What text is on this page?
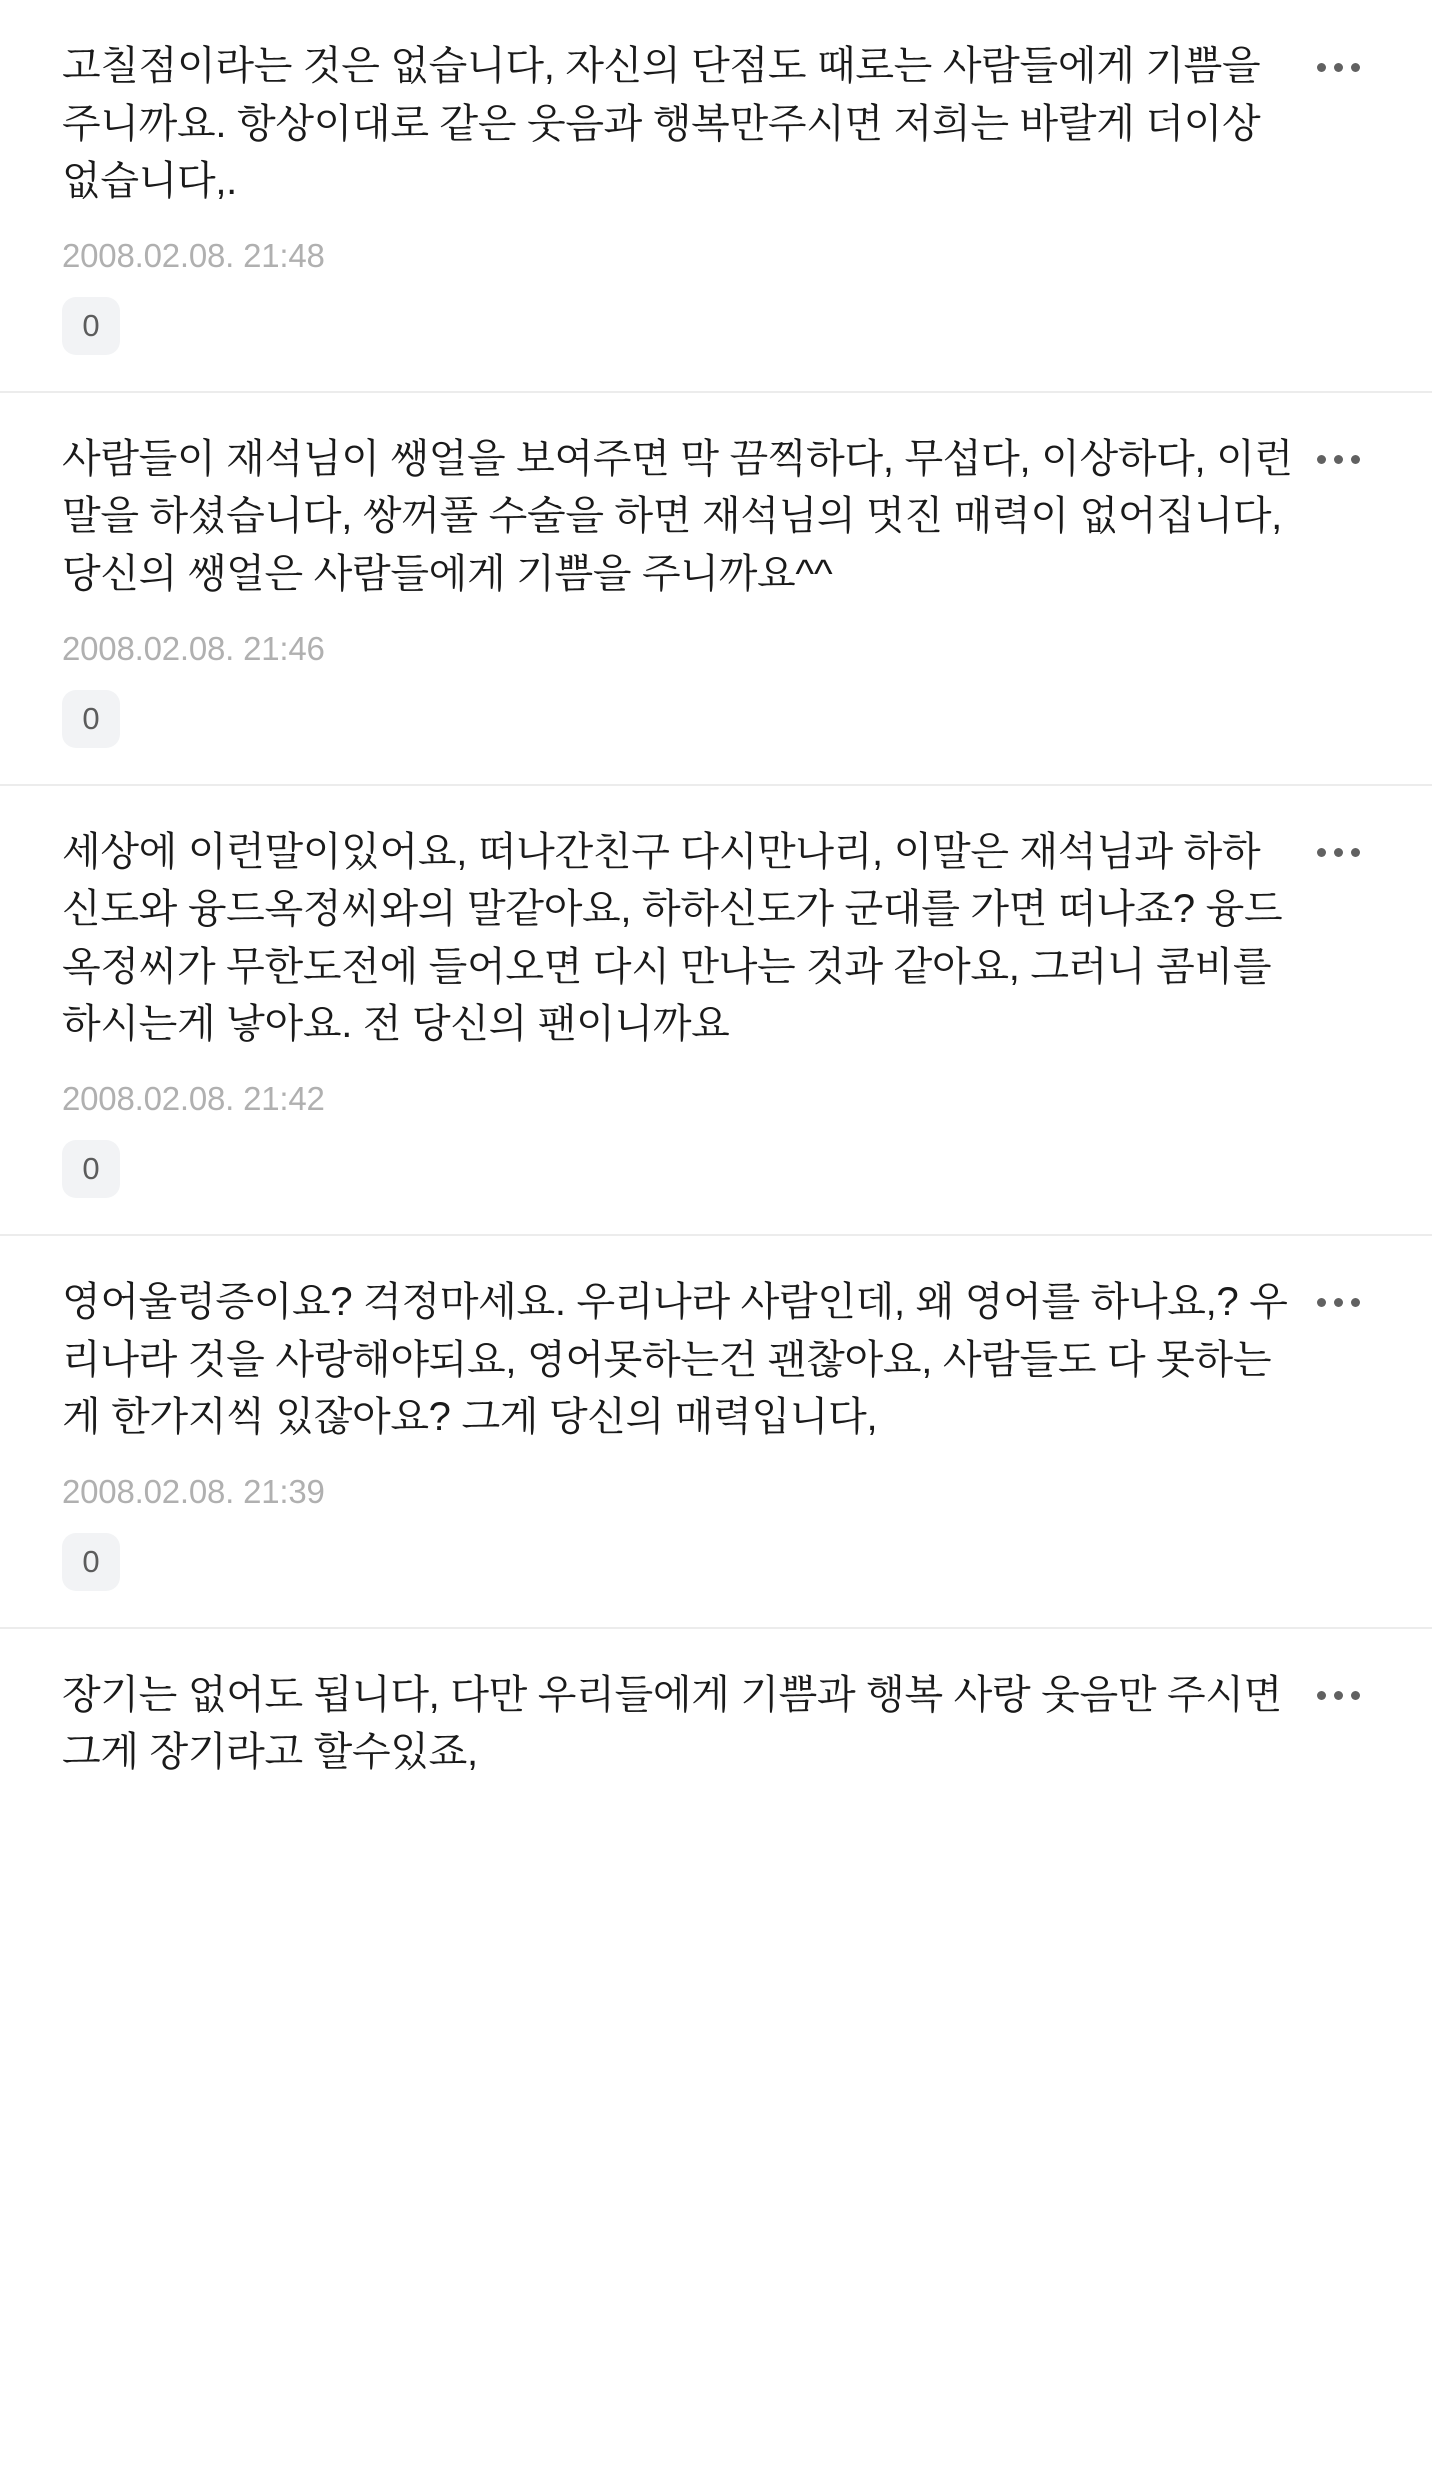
고칠점이라는 것은 없습니다, 자신의 단점도 때로는 사람들에게 기쁨을 주니까요. 항상이대로 같은 웃음과 행복만주시면 저희는 바랄게 더이상 없습니다,.
2008.02.08. 21:48
0
사람들이 재석님이 쌩얼을 보여주면 막 끔찍하다, 무섭다, 이상하다, 이런말을 하셨습니다, 쌍꺼풀 수술을 하면 재석님의 멋진 매력이 없어집니다, 당신의 쌩얼은 사람들에게 기쁨을 주니까요^^
2008.02.08. 21:46
0
세상에 이런말이있어요, 떠나간친구 다시만나리, 이말은 재석님과 하하신도와 융드옥정씨와의 말같아요, 하하신도가 군대를 가면 떠나죠? 융드옥정씨가 무한도전에 들어오면 다시 만나는 것과 같아요, 그러니 콤비를 하시는게 낳아요. 전 당신의 팬이니까요
2008.02.08. 21:42
0
영어울렁증이요? 걱정마세요. 우리나라 사람인데, 왜 영어를 하나요,? 우리나라 것을 사랑해야되요, 영어못하는건 괜찮아요, 사람들도 다 못하는게 한가지씩 있잖아요? 그게 당신의 매력입니다,
2008.02.08. 21:39
0
장기는 없어도 됩니다, 다만 우리들에게 기쁨과 행복 사랑 웃음만 주시면 그게 장기라고 할수있죠,
